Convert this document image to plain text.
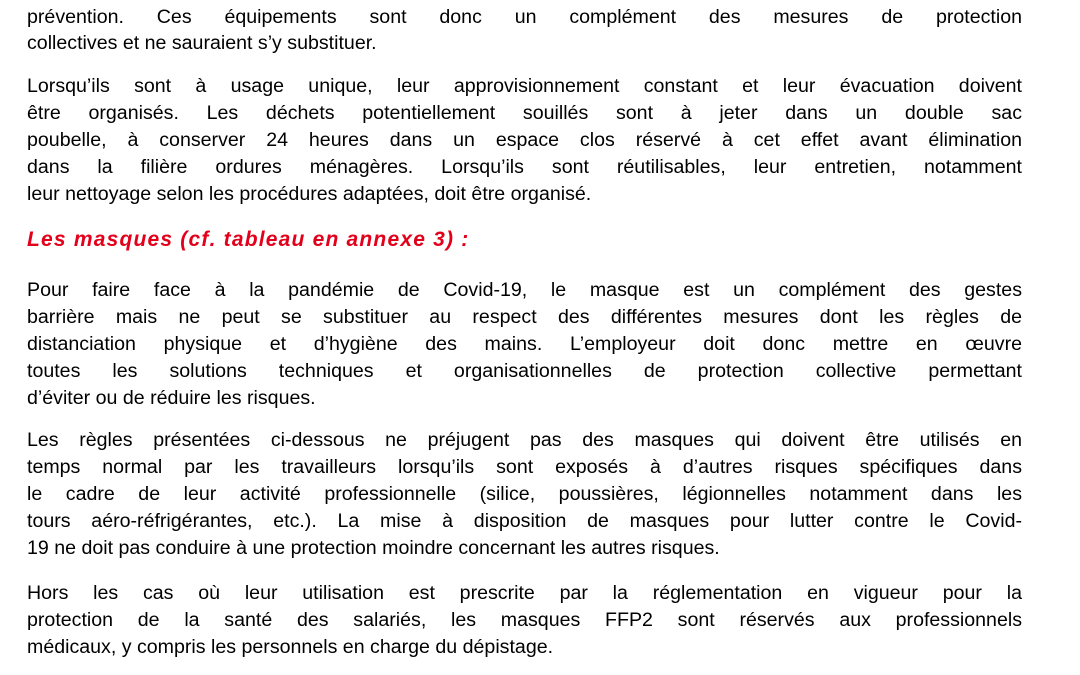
prévention. Ces équipements sont donc un complément des mesures de protection
collectives et ne sauraient s’y substituer.
Lorsqu’ils sont à usage unique, leur approvisionnement constant et leur évacuation doivent
être organisés. Les déchets potentiellement souillés sont à jeter dans un double sac
poubelle, à conserver 24 heures dans un espace clos réservé à cet effet avant élimination
dans la filière ordures ménagères. Lorsqu’ils sont réutilisables, leur entretien, notamment
leur nettoyage selon les procédures adaptées, doit être organisé.
Les masques (cf. tableau en annexe 3) :
Pour faire face à la pandémie de Covid-19, le masque est un complément des gestes
barrière mais ne peut se substituer au respect des différentes mesures dont les règles de
distanciation physique et d’hygiène des mains. L’employeur doit donc mettre en œuvre
toutes les solutions techniques et organisationnelles de protection collective permettant
d’éviter ou de réduire les risques.
Les règles présentées ci-dessous ne préjugent pas des masques qui doivent être utilisés en
temps normal par les travailleurs lorsqu’ils sont exposés à d’autres risques spécifiques dans
le cadre de leur activité professionnelle (silice, poussières, légionnelles notamment dans les
tours aéro-réfrigérantes, etc.). La mise à disposition de masques pour lutter contre le Covid-
19 ne doit pas conduire à une protection moindre concernant les autres risques.
Hors les cas où leur utilisation est prescrite par la réglementation en vigueur pour la
protection de la santé des salariés, les masques FFP2 sont réservés aux professionnels
médicaux, y compris les personnels en charge du dépistage.
